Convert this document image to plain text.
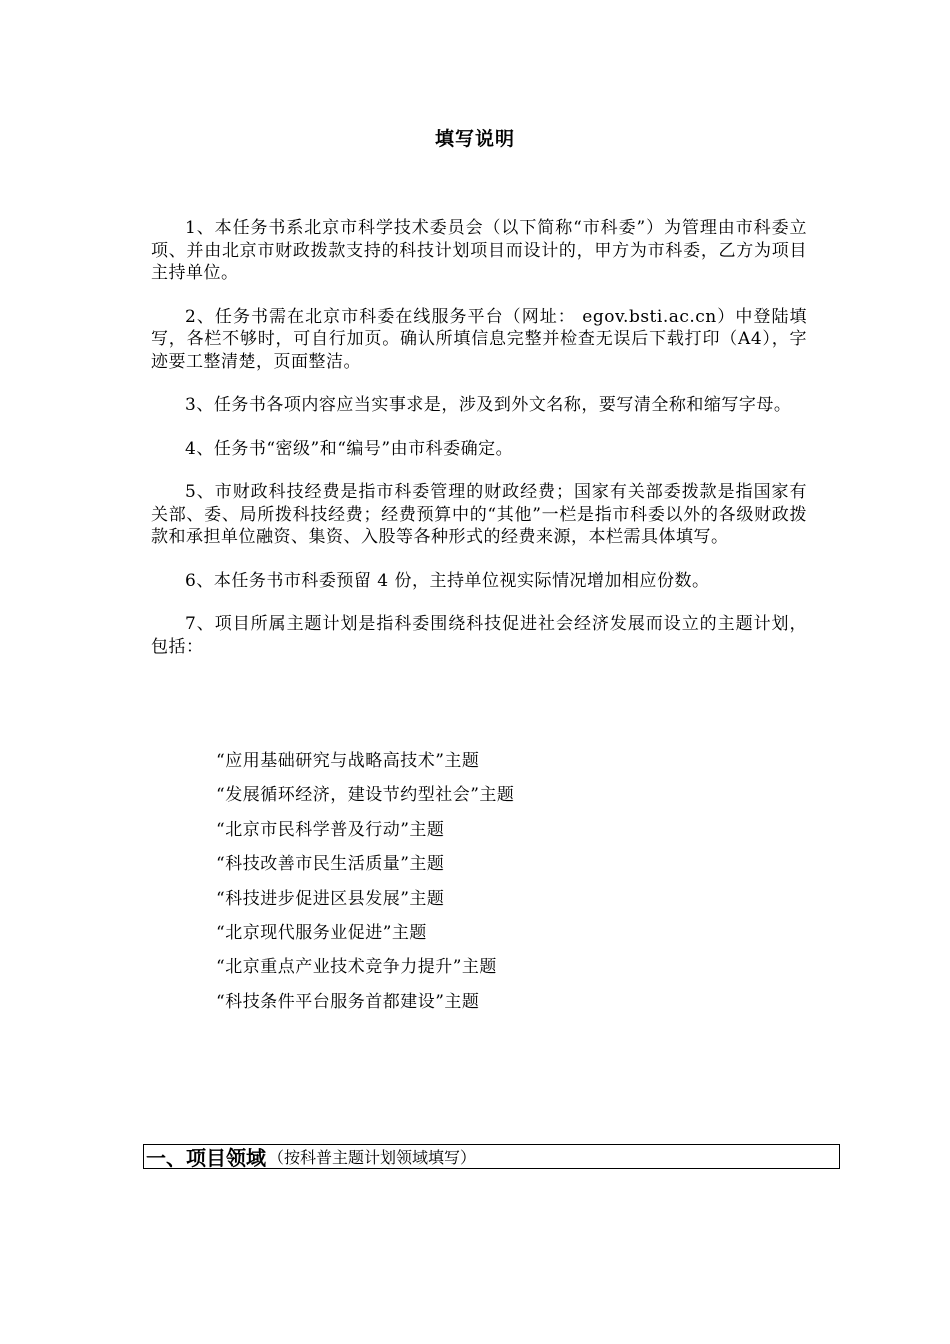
填写说明

1、本任务书系北京市科学技术委员会（以下简称“市科委”）为管理由市科委立项、并由北京市财政拨款支持的科技计划项目而设计的，甲方为市科委，乙方为项目主持单位。

2、任务书需在北京市科委在线服务平台（网址： egov.bsti.ac.cn）中登陆填写，各栏不够时，可自行加页。确认所填信息完整并检查无误后下载打印（A4），字迹要工整清楚，页面整洁。

3、任务书各项内容应当实事求是，涉及到外文名称，要写清全称和缩写字母。

4、任务书“密级”和“编号”由市科委确定。

5、市财政科技经费是指市科委管理的财政经费；国家有关部委拨款是指国家有关部、委、局所拨科技经费；经费预算中的“其他”一栏是指市科委以外的各级财政拨款和承担单位融资、集资、入股等各种形式的经费来源，本栏需具体填写。

6、本任务书市科委预留 4 份，主持单位视实际情况增加相应份数。

7、项目所属主题计划是指科委围绕科技促进社会经济发展而设立的主题计划，包括：

“应用基础研究与战略高技术”主题
“发展循环经济，建设节约型社会”主题
“北京市民科学普及行动”主题
“科技改善市民生活质量”主题
“科技进步促进区县发展”主题
“北京现代服务业促进”主题
“北京重点产业技术竞争力提升”主题
“科技条件平台服务首都建设”主题
一、项目领域 （按科普主题计划领域填写）
